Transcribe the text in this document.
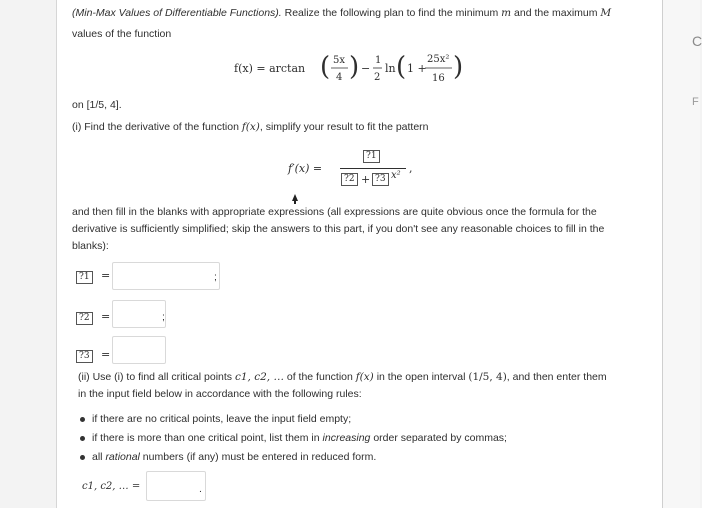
C
F
(Min-Max Values of Differentiable Functions). Realize the following plan to find the minimum m and the maximum M
values of the function
f(x) = arctan ( 5x
4 ) −
1
2
ln ( 1 +
25x²
16 )
on [1/5, 4].
(i) Find the derivative of the function f(x), simplify your result to fit the pattern
f′(x) =
?1
?2 + ?3 x²
,
and then fill in the blanks with appropriate expressions (all expressions are quite obvious once the formula for the
derivative is sufficiently simplified; skip the answers to this part, if you don't see any reasonable choices to fill in the
blanks):
?1 =	;
?2 =	;
?3 =
(ii) Use (i) to find all critical points c1, c2, … of the function f(x) in the open interval (1/5, 4), and then enter them
in the input field below in accordance with the following rules:
if there are no critical points, leave the input field empty;
if there is more than one critical point, list them in increasing order separated by commas;
all rational numbers (if any) must be entered in reduced form.
c1, c2, … =	.
